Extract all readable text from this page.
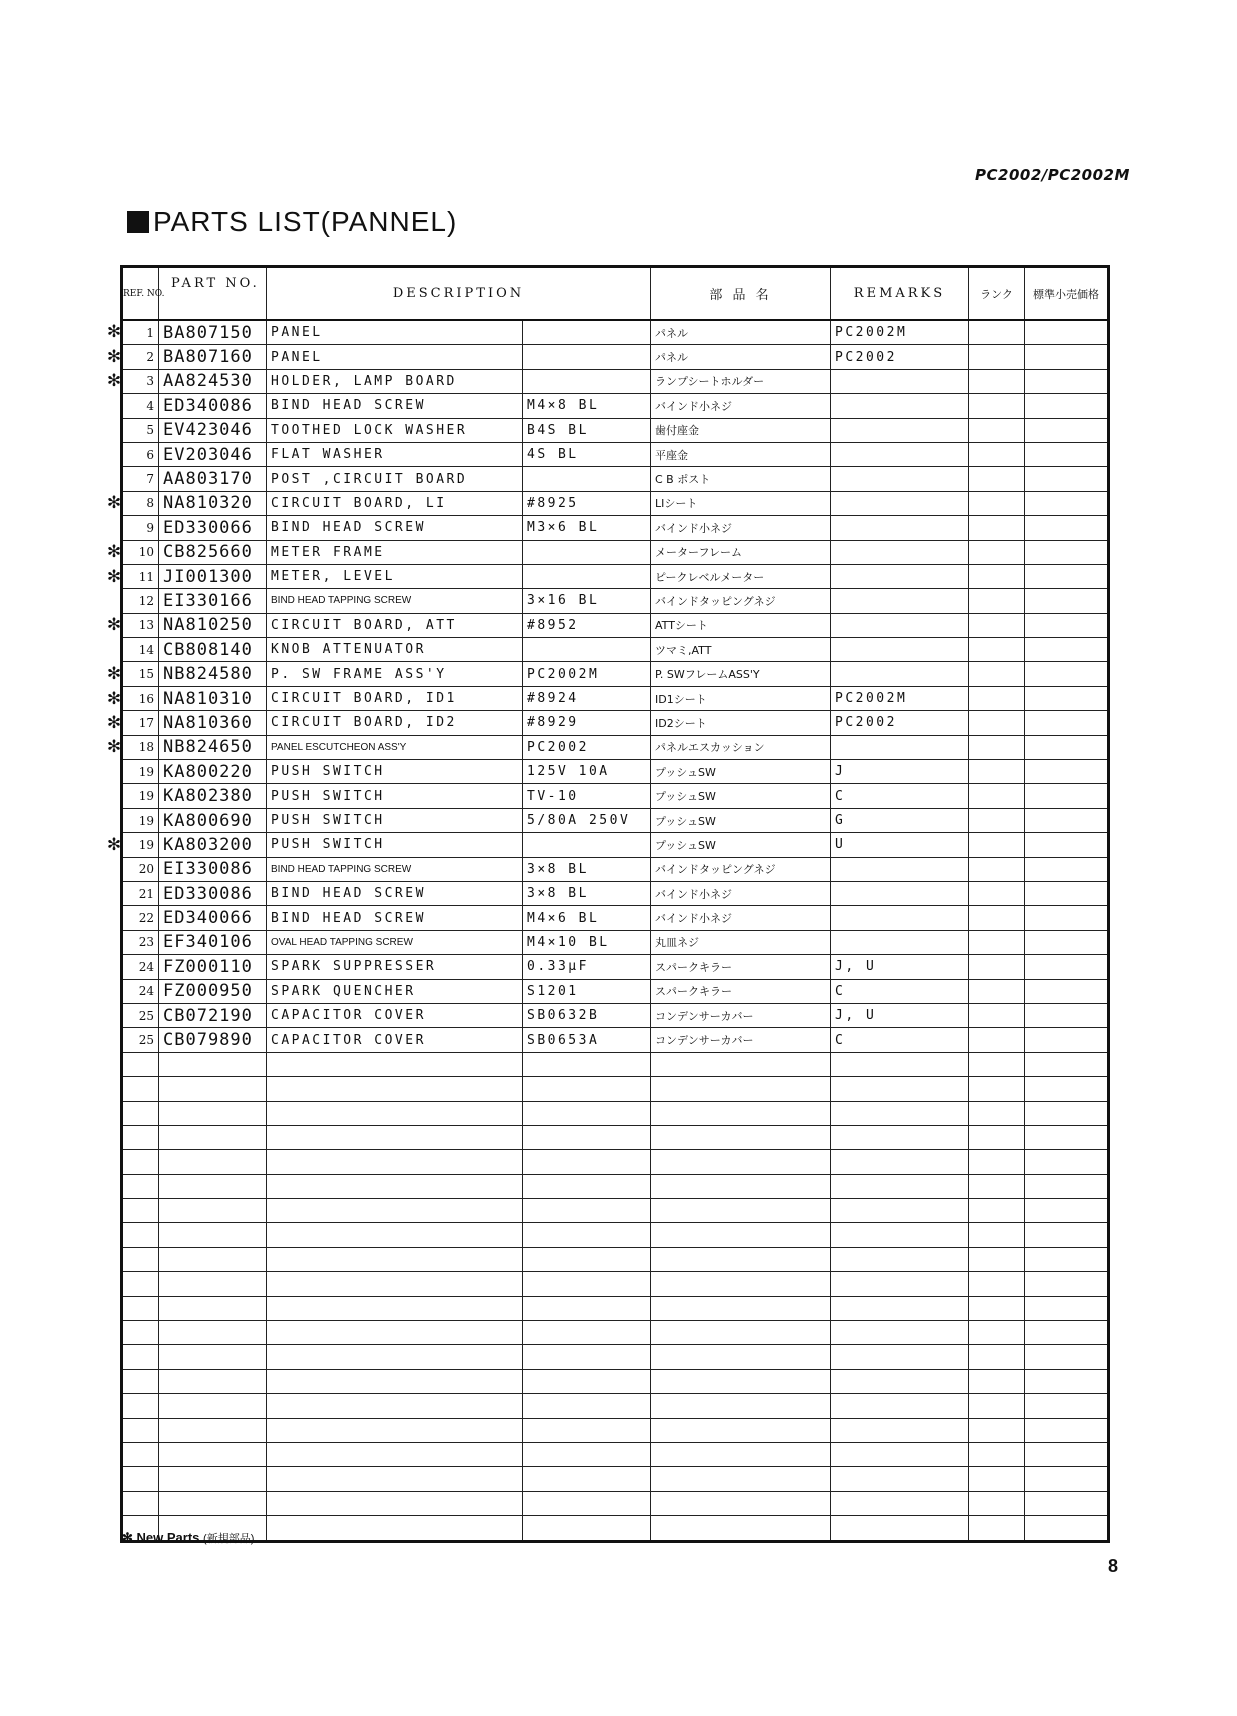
PC2002/PC2002M
PARTS LIST(PANNEL)
✻
✻
✻
✻
✻
✻
✻
✻
✻
✻
✻
✻
REF. NO.	PART NO.	DESCRIPTION		部 品 名	REMARKS	ランク	標準小売価格
1	BA807150	PANEL		パネル	PC2002M		
2	BA807160	PANEL		パネル	PC2002		
3	AA824530	HOLDER, LAMP BOARD		ランプシートホルダー			
4	ED340086	BIND HEAD SCREW	M4×8 BL	バインド小ネジ			
5	EV423046	TOOTHED LOCK WASHER	B4S BL	歯付座金			
6	EV203046	FLAT WASHER	4S BL	平座金			
7	AA803170	POST ,CIRCUIT BOARD		C B ポスト			
8	NA810320	CIRCUIT BOARD, LI	#8925	LIシート			
9	ED330066	BIND HEAD SCREW	M3×6 BL	バインド小ネジ			
10	CB825660	METER FRAME		メーターフレーム			
11	JI001300	METER, LEVEL		ピークレベルメーター			
12	EI330166	BIND HEAD TAPPING SCREW	3×16 BL	バインドタッピングネジ			
13	NA810250	CIRCUIT BOARD, ATT	#8952	ATTシート			
14	CB808140	KNOB ATTENUATOR		ツマミ,ATT			
15	NB824580	P. SW FRAME ASS'Y	PC2002M	P. SWフレームASS'Y			
16	NA810310	CIRCUIT BOARD, ID1	#8924	ID1シート	PC2002M		
17	NA810360	CIRCUIT BOARD, ID2	#8929	ID2シート	PC2002		
18	NB824650	PANEL ESCUTCHEON ASS'Y	PC2002	パネルエスカッション			
19	KA800220	PUSH SWITCH	125V 10A	プッシュSW	J		
19	KA802380	PUSH SWITCH	TV-10	プッシュSW	C		
19	KA800690	PUSH SWITCH	5/80A 250V	プッシュSW	G		
19	KA803200	PUSH SWITCH		プッシュSW	U		
20	EI330086	BIND HEAD TAPPING SCREW	3×8 BL	バインドタッピングネジ			
21	ED330086	BIND HEAD SCREW	3×8 BL	バインド小ネジ			
22	ED340066	BIND HEAD SCREW	M4×6 BL	バインド小ネジ			
23	EF340106	OVAL HEAD TAPPING SCREW	M4×10 BL	丸皿ネジ			
24	FZ000110	SPARK SUPPRESSER	0.33μF	スパークキラー	J, U		
24	FZ000950	SPARK QUENCHER	S1201	スパークキラー	C		
25	CB072190	CAPACITOR COVER	SB0632B	コンデンサーカバー	J, U		
25	CB079890	CAPACITOR COVER	SB0653A	コンデンサーカバー	C		

✻ New Parts (新規部品)
8
